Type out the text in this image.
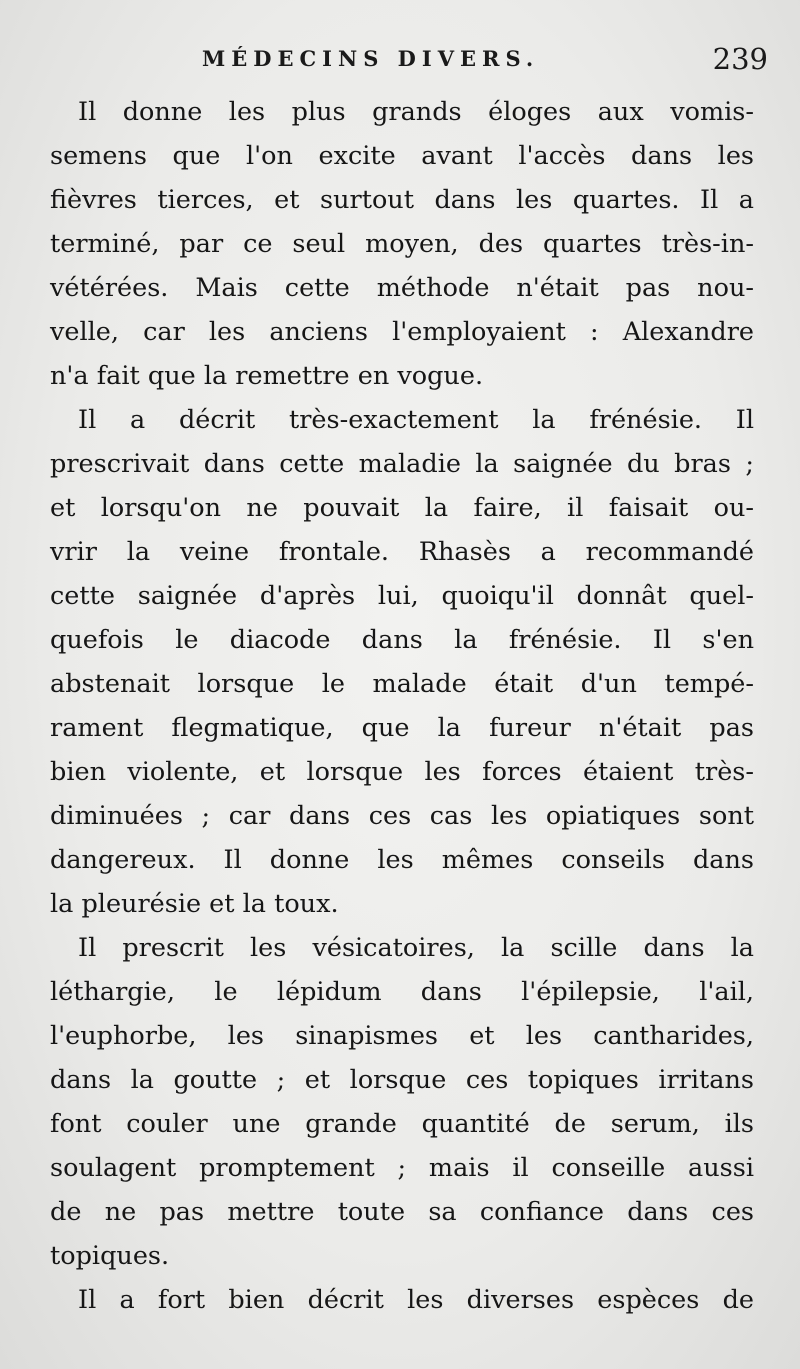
MÉDECINS DIVERS.	239
Il donne les plus grands éloges aux vomis-
semens que l'on excite avant l'accès dans les
fièvres tierces, et surtout dans les quartes. Il a
terminé, par ce seul moyen, des quartes très-in-
vétérées. Mais cette méthode n'était pas nou-
velle, car les anciens l'employaient : Alexandre
n'a fait que la remettre en vogue.
Il a décrit très-exactement la frénésie. Il
prescrivait dans cette maladie la saignée du bras ;
et lorsqu'on ne pouvait la faire, il faisait ou-
vrir la veine frontale. Rhasès a recommandé
cette saignée d'après lui, quoiqu'il donnât quel-
quefois le diacode dans la frénésie. Il s'en
abstenait lorsque le malade était d'un tempé-
rament flegmatique, que la fureur n'était pas
bien violente, et lorsque les forces étaient très-
diminuées ; car dans ces cas les opiatiques sont
dangereux. Il donne les mêmes conseils dans
la pleurésie et la toux.
Il prescrit les vésicatoires, la scille dans la
léthargie, le lépidum dans l'épilepsie, l'ail,
l'euphorbe, les sinapismes et les cantharides,
dans la goutte ; et lorsque ces topiques irritans
font couler une grande quantité de serum, ils
soulagent promptement ; mais il conseille aussi
de ne pas mettre toute sa confiance dans ces
topiques.
Il a fort bien décrit les diverses espèces de
